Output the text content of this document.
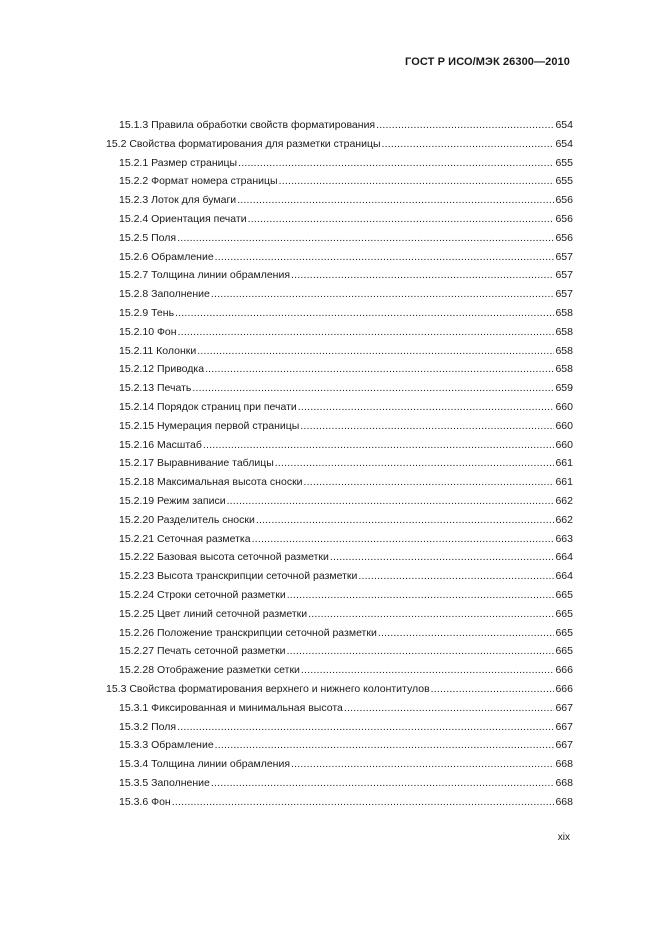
ГОСТ Р ИСО/МЭК 26300—2010
15.1.3 Правила обработки свойств форматирования .....	654
15.2 Свойства форматирования для разметки страницы .....	654
15.2.1 Размер страницы .....	655
15.2.2 Формат номера страницы .....	655
15.2.3 Лоток для бумаги .....	656
15.2.4 Ориентация печати .....	656
15.2.5 Поля .....	656
15.2.6 Обрамление .....	657
15.2.7 Толщина линии обрамления .....	657
15.2.8 Заполнение .....	657
15.2.9 Тень .....	658
15.2.10 Фон .....	658
15.2.11 Колонки .....	658
15.2.12 Приводка .....	658
15.2.13 Печать .....	659
15.2.14 Порядок страниц при печати .....	660
15.2.15 Нумерация первой страницы .....	660
15.2.16 Масштаб .....	660
15.2.17 Выравнивание таблицы .....	661
15.2.18 Максимальная высота сноски .....	661
15.2.19 Режим записи .....	662
15.2.20 Разделитель сноски .....	662
15.2.21 Сеточная разметка .....	663
15.2.22 Базовая высота сеточной разметки .....	664
15.2.23 Высота транскрипции сеточной разметки .....	664
15.2.24 Строки сеточной разметки .....	665
15.2.25 Цвет линий сеточной разметки .....	665
15.2.26 Положение транскрипции сеточной разметки .....	665
15.2.27 Печать сеточной разметки .....	665
15.2.28 Отображение разметки сетки .....	666
15.3 Свойства форматирования верхнего и нижнего колонтитулов .....	666
15.3.1 Фиксированная и минимальная высота .....	667
15.3.2 Поля .....	667
15.3.3 Обрамление .....	667
15.3.4 Толщина линии обрамления .....	668
15.3.5 Заполнение .....	668
15.3.6 Фон .....	668
xix
